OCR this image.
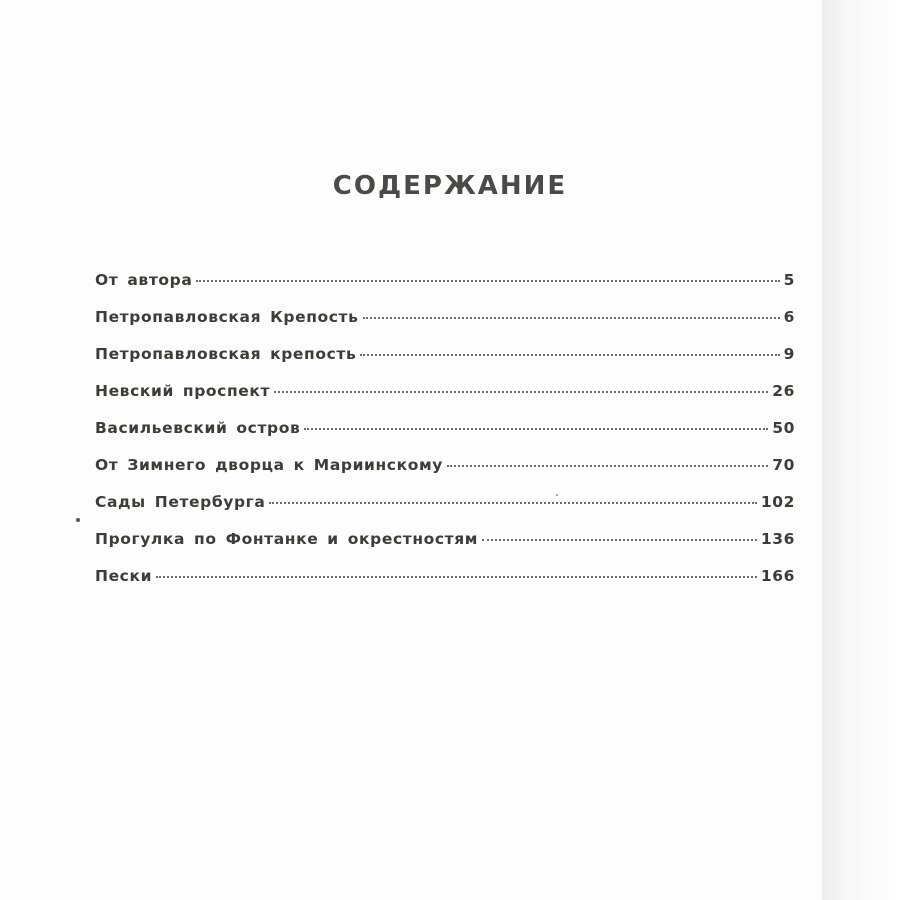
СОДЕРЖАНИЕ
От автора	5
Петропавловская Крепость	6
Петропавловская крепость	9
Невский проспект	26
Васильевский остров	50
От Зимнего дворца к Мариинскому	70
Сады Петербурга	102
Прогулка по Фонтанке и окрестностям	136
Пески	166
